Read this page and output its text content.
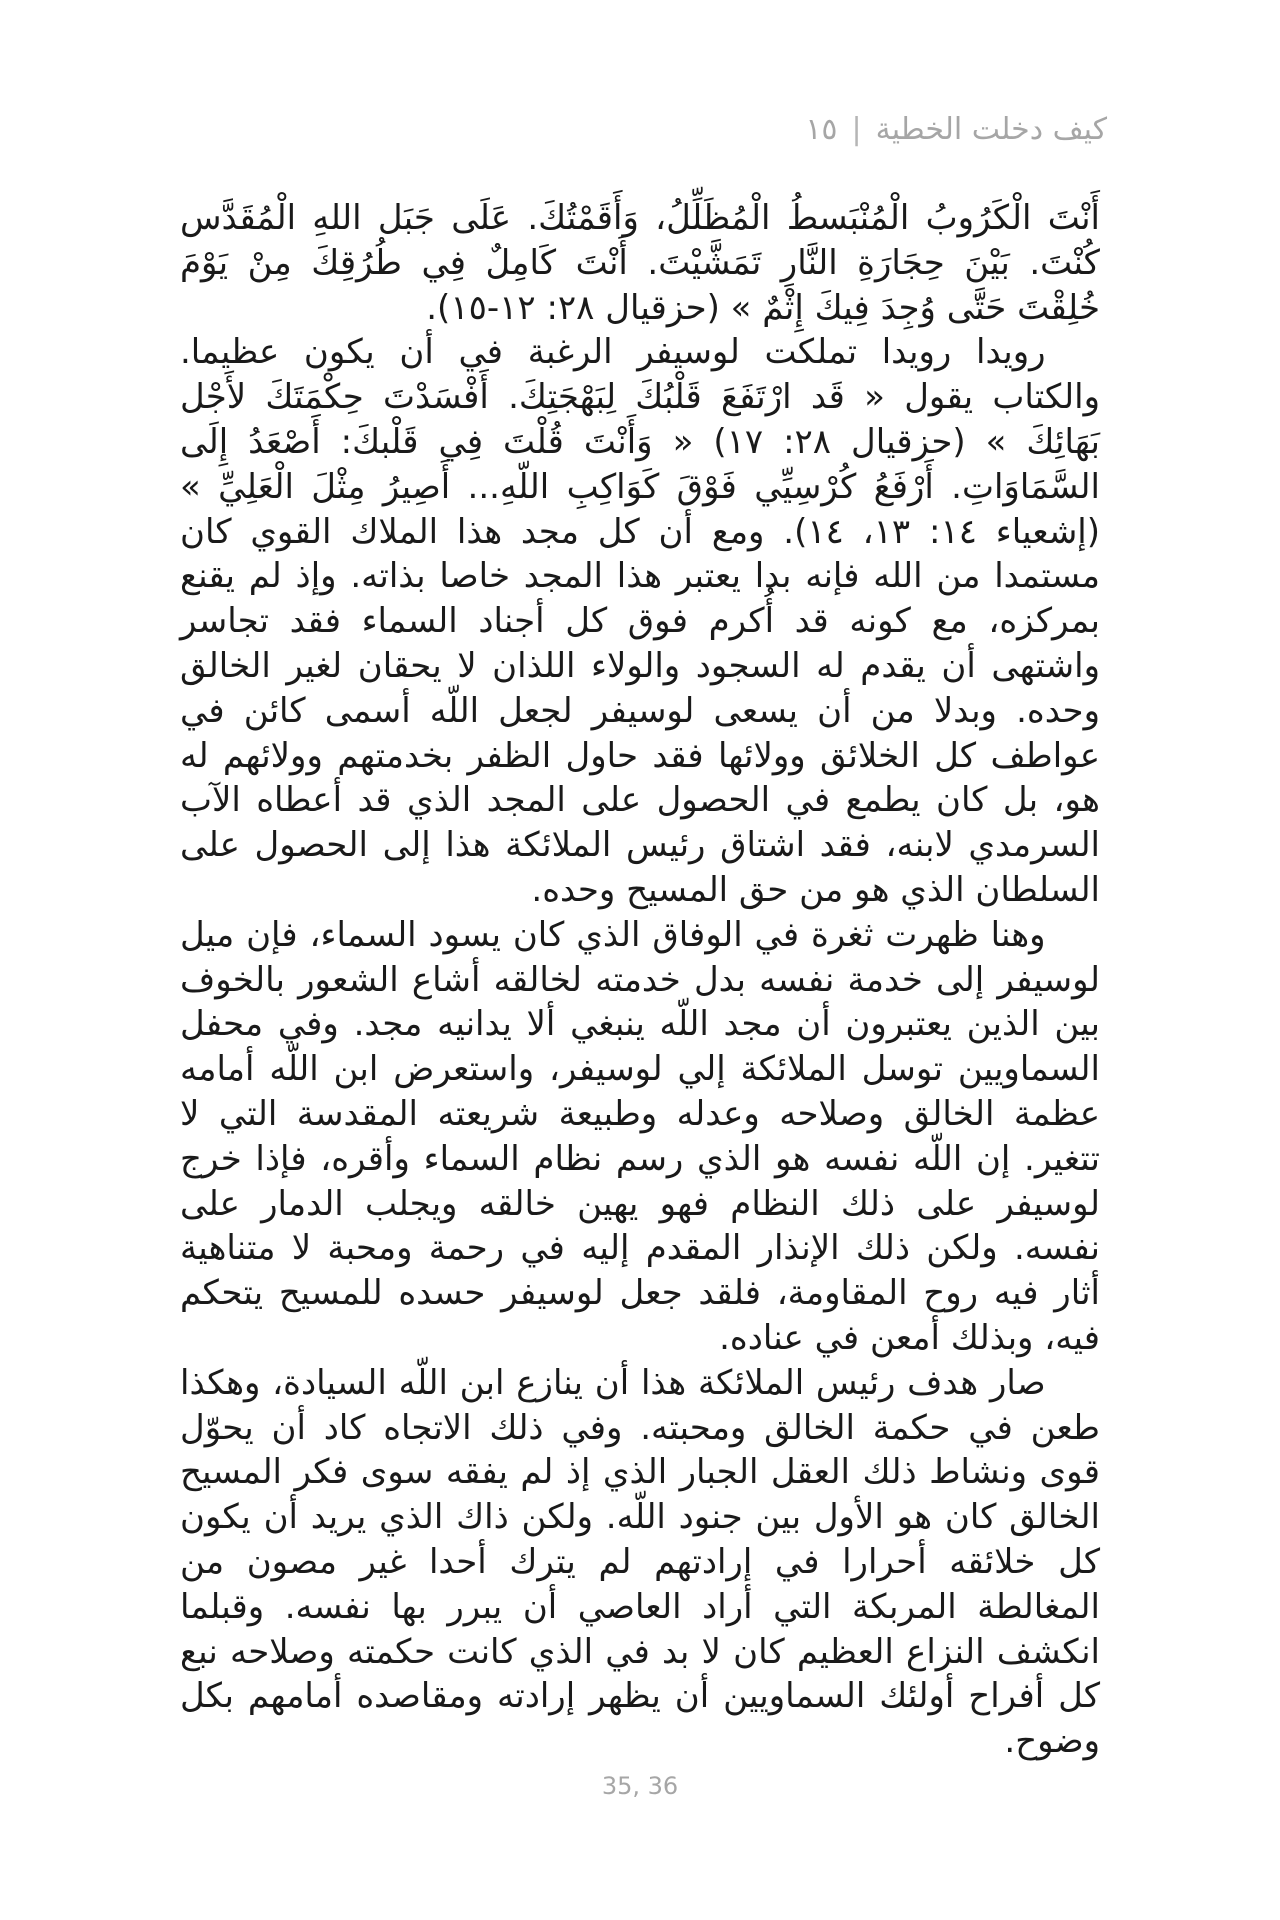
كيف دخلت الخطية|١٥

أَنْتَ الْكَرُوبُ الْمُنْبَسطُ الْمُظَلِّلُ، وَأَقَمْتُكَ. عَلَى جَبَل اللهِ الْمُقَدَّس كُنْتَ. بَيْنَ حِجَارَةِ النَّارِ تَمَشَّيْتَ. أَنْتَ كَامِلٌ فِي طُرُقِكَ مِنْ يَوْمَ خُلِقْتَ حَتَّى وُجِدَ فِيكَ إِثْمٌ » (حزقيال ٢٨: ١٢-١٥).

رويدا رويدا تملكت لوسيفر الرغبة في أن يكون عظيما. والكتاب يقول « قَد ارْتَفَعَ قَلْبُكَ لِبَهْجَتِكَ. أَفْسَدْتَ حِكْمَتَكَ لأَجْل بَهَائِكَ » (حزقيال ٢٨: ١٧) « وَأَنْتَ قُلْتَ فِي قَلْبكَ: أَصْعَدُ إِلَى السَّمَاوَاتِ. أَرْفَعُ كُرْسِيِّي فَوْقَ كَوَاكِبِ اللّهِ... أَصِيرُ مِثْلَ الْعَلِيِّ » (إشعياء ١٤: ١٣، ١٤). ومع أن كل مجد هذا الملاك القوي كان مستمدا من الله فإنه بدا يعتبر هذا المجد خاصا بذاته. وإذ لم يقنع بمركزه، مع كونه قد أُكرم فوق كل أجناد السماء فقد تجاسر واشتهى أن يقدم له السجود والولاء اللذان لا يحقان لغير الخالق وحده. وبدلا من أن يسعى لوسيفر لجعل اللّه أسمى كائن في عواطف كل الخلائق وولائها فقد حاول الظفر بخدمتهم وولائهم له هو، بل كان يطمع في الحصول على المجد الذي قد أعطاه الآب السرمدي لابنه، فقد اشتاق رئيس الملائكة هذا إلى الحصول على السلطان الذي هو من حق المسيح وحده.

وهنا ظهرت ثغرة في الوفاق الذي كان يسود السماء، فإن ميل لوسيفر إلى خدمة نفسه بدل خدمته لخالقه أشاع الشعور بالخوف بين الذين يعتبرون أن مجد اللّه ينبغي ألا يدانيه مجد. وفي محفل السماويين توسل الملائكة إلي لوسيفر، واستعرض ابن اللّه أمامه عظمة الخالق وصلاحه وعدله وطبيعة شريعته المقدسة التي لا تتغير. إن اللّه نفسه هو الذي رسم نظام السماء وأقره، فإذا خرج لوسيفر على ذلك النظام فهو يهين خالقه ويجلب الدمار على نفسه. ولكن ذلك الإنذار المقدم إليه في رحمة ومحبة لا متناهية أثار فيه روح المقاومة، فلقد جعل لوسيفر حسده للمسيح يتحكم فيه، وبذلك أمعن في عناده.

صار هدف رئيس الملائكة هذا أن ينازع ابن اللّه السيادة، وهكذا طعن في حكمة الخالق ومحبته. وفي ذلك الاتجاه كاد أن يحوّل قوى ونشاط ذلك العقل الجبار الذي إذ لم يفقه سوى فكر المسيح الخالق كان هو الأول بين جنود اللّه. ولكن ذاك الذي يريد أن يكون كل خلائقه أحرارا في إرادتهم لم يترك أحدا غير مصون من المغالطة المربكة التي أراد العاصي أن يبرر بها نفسه. وقبلما انكشف النزاع العظيم كان لا بد في الذي كانت حكمته وصلاحه نبع كل أفراح أولئك السماويين أن يظهر إرادته ومقاصده أمامهم بكل وضوح.

35, 36
